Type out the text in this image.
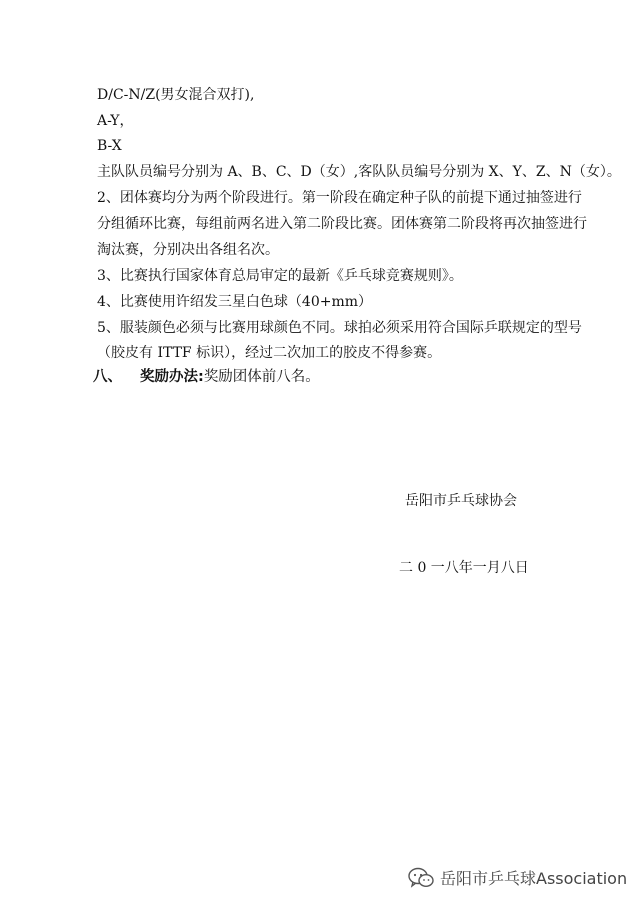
D/C-N/Z(男女混合双打),
A-Y，
B-X
主队队员编号分别为 A、B、C、D（女）,客队队员编号分别为 X、Y、Z、N（女）。
2、团体赛均分为两个阶段进行。第一阶段在确定种子队的前提下通过抽签进行
分组循环比赛，每组前两名进入第二阶段比赛。团体赛第二阶段将再次抽签进行
淘汰赛，分别决出各组名次。
3、比赛执行国家体育总局审定的最新《乒乓球竞赛规则》。
4、比赛使用许绍发三星白色球（40+mm）
5、服装颜色必须与比赛用球颜色不同。球拍必须采用符合国际乒联规定的型号
（胶皮有 ITTF 标识），经过二次加工的胶皮不得参赛。
八、 奖励办法:奖励团体前八名。
岳阳市乒乓球协会
二 0 一八年一月八日
岳阳市乒乓球Association
